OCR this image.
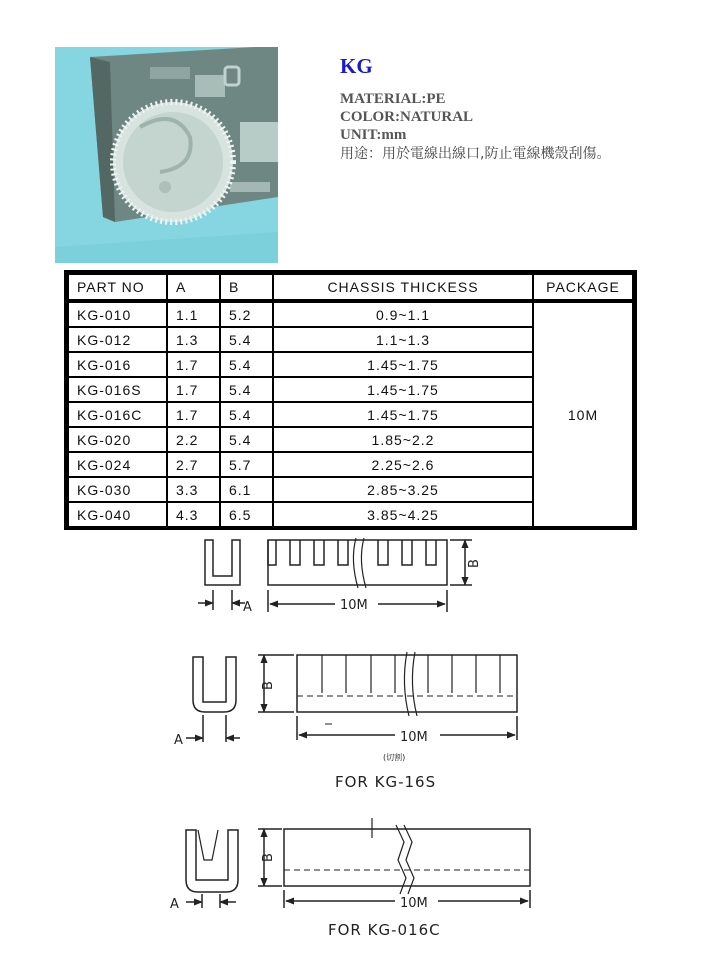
KG
MATERIAL:PE
COLOR:NATURAL
UNIT:mm
用途：用於電線出線口,防止電線機殼刮傷。
PART NO	A	B	CHASSIS THICKESS	PACKAGE
KG-010	1.1	5.2	0.9~1.1	10M
KG-012	1.3	5.4	1.1~1.3	
KG-016	1.7	5.4	1.45~1.75	
KG-016S	1.7	5.4	1.45~1.75	
KG-016C	1.7	5.4	1.45~1.75	
KG-020	2.2	5.4	1.85~2.2	
KG-024	2.7	5.7	2.25~2.6	
KG-030	3.3	6.1	2.85~3.25	
KG-040	4.3	6.5	3.85~4.25	
A
B
10M
A
B
10M
(切割)
FOR KG-16S
A
B
10M
FOR KG-016C
